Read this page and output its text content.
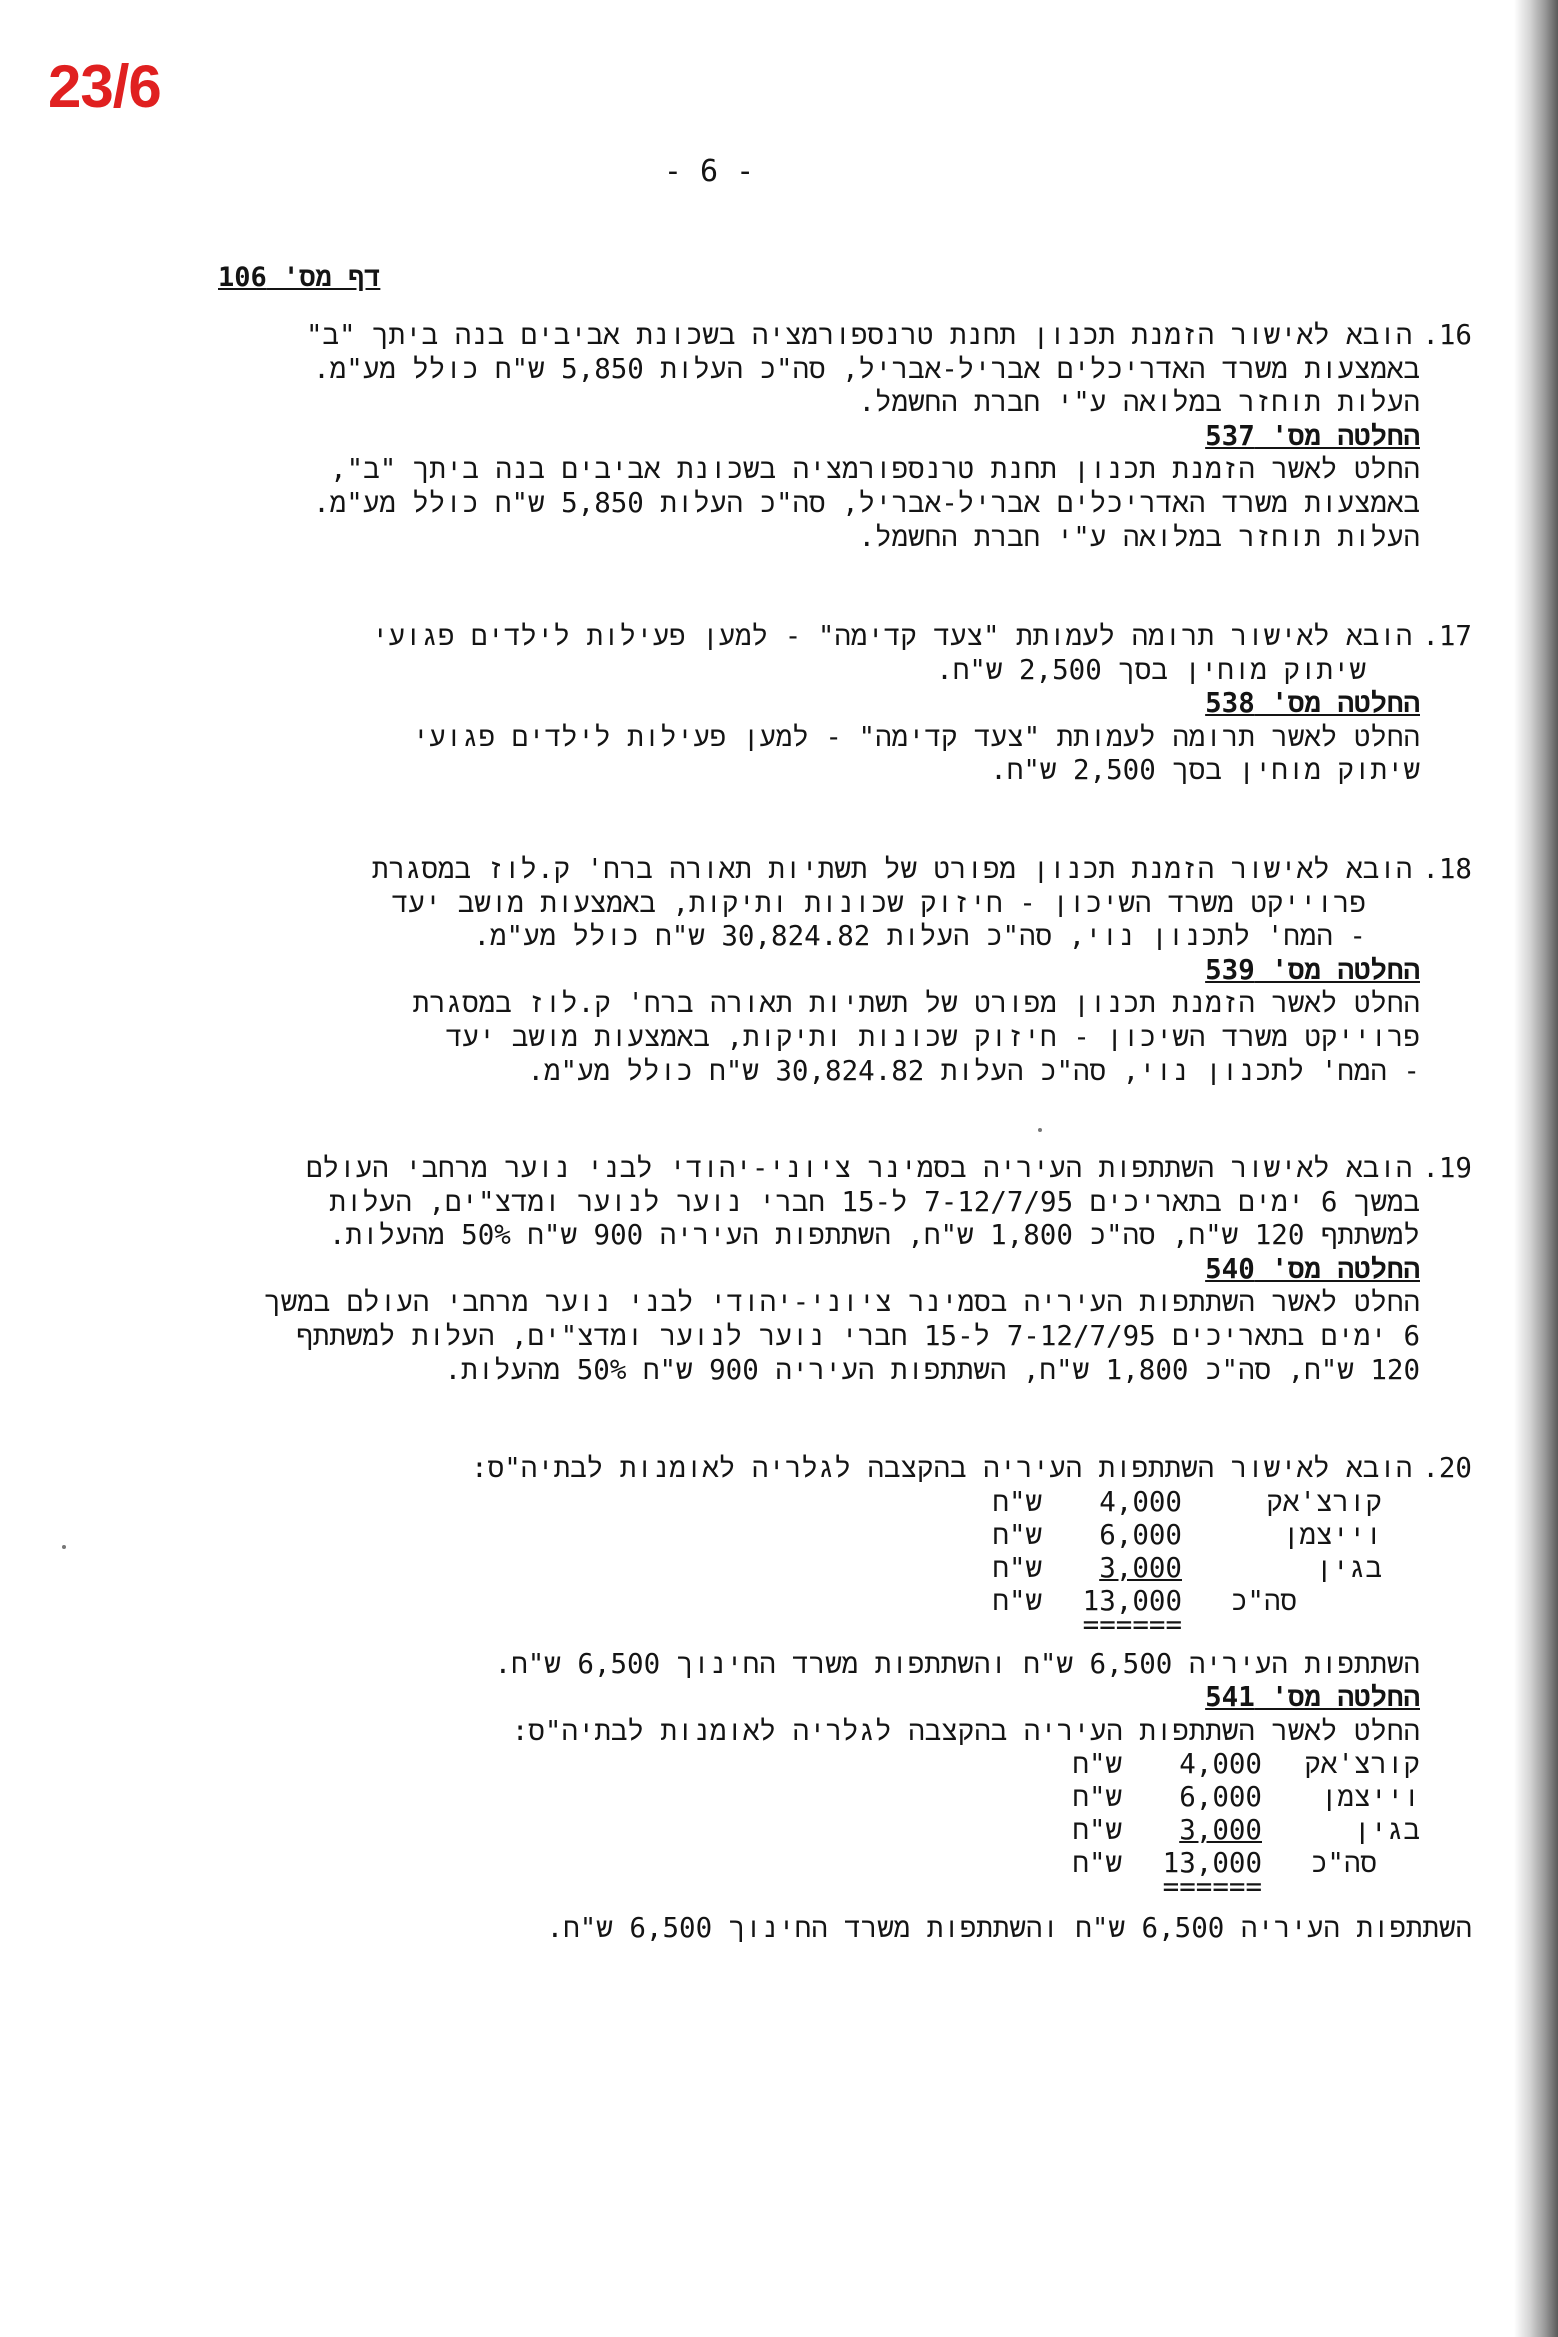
23/6
- 6 -
דף מס' 106
16.הובא לאישור הזמנת תכנון תחנת טרנספורמציה בשכונת אביבים בנה ביתך "ב"
באמצעות משרד האדריכלים אבריל-אבריל, סה"כ העלות 5,850 ש"ח כולל מע"מ.
העלות תוחזר במלואה ע"י חברת החשמל.
החלטה מס' 537
החלט לאשר הזמנת תכנון תחנת טרנספורמציה בשכונת אביבים בנה ביתך "ב",
באמצעות משרד האדריכלים אבריל-אבריל, סה"כ העלות 5,850 ש"ח כולל מע"מ.
העלות תוחזר במלואה ע"י חברת החשמל.
17.הובא לאישור תרומה לעמותת "צעד קדימה" - למען פעילות לילדים פגועי
שיתוק מוחין בסך 2,500 ש"ח.
החלטה מס' 538
החלט לאשר תרומה לעמותת "צעד קדימה" - למען פעילות לילדים פגועי
שיתוק מוחין בסך 2,500 ש"ח.
18.הובא לאישור הזמנת תכנון מפורט של תשתיות תאורה ברח' ק.לוז במסגרת
פרוייקט משרד השיכון - חיזוק שכונות ותיקות, באמצעות מושב יעד
- המח' לתכנון נוי, סה"כ העלות 30,824.82 ש"ח כולל מע"מ.
החלטה מס' 539
החלט לאשר הזמנת תכנון מפורט של תשתיות תאורה ברח' ק.לוז במסגרת
פרוייקט משרד השיכון - חיזוק שכונות ותיקות, באמצעות מושב יעד
- המח' לתכנון נוי, סה"כ העלות 30,824.82 ש"ח כולל מע"מ.
19.הובא לאישור השתתפות העיריה בסמינר ציוני-יהודי לבני נוער מרחבי העולם
במשך 6 ימים בתאריכים 7-12/7/95 ל-15 חברי נוער לנוער ומדצ"ים, העלות
למשתתף 120 ש"ח, סה"כ 1,800 ש"ח, השתתפות העיריה 900 ש"ח 50% מהעלות.
החלטה מס' 540
החלט לאשר השתתפות העיריה בסמינר ציוני-יהודי לבני נוער מרחבי העולם במשך
6 ימים בתאריכים 7-12/7/95 ל-15 חברי נוער לנוער ומדצ"ים, העלות למשתתף
120 ש"ח, סה"כ 1,800 ש"ח, השתתפות העיריה 900 ש"ח 50% מהעלות.
20.הובא לאישור השתתפות העיריה בהקצבה לגלריה לאומנות לבתיה"ס:
קורצ'אק
4,000
ש"ח
וייצמן
6,000
ש"ח
בגין
3,000
ש"ח
סה"כ
13,000
ש"ח
======
השתתפות העיריה 6,500 ש"ח והשתתפות משרד החינוך 6,500 ש"ח.
החלטה מס' 541
החלט לאשר השתתפות העיריה בהקצבה לגלריה לאומנות לבתיה"ס:
קורצ'אק
4,000
ש"ח
וייצמן
6,000
ש"ח
בגין
3,000
ש"ח
סה"כ
13,000
ש"ח
======
השתתפות העיריה 6,500 ש"ח והשתתפות משרד החינוך 6,500 ש"ח.
